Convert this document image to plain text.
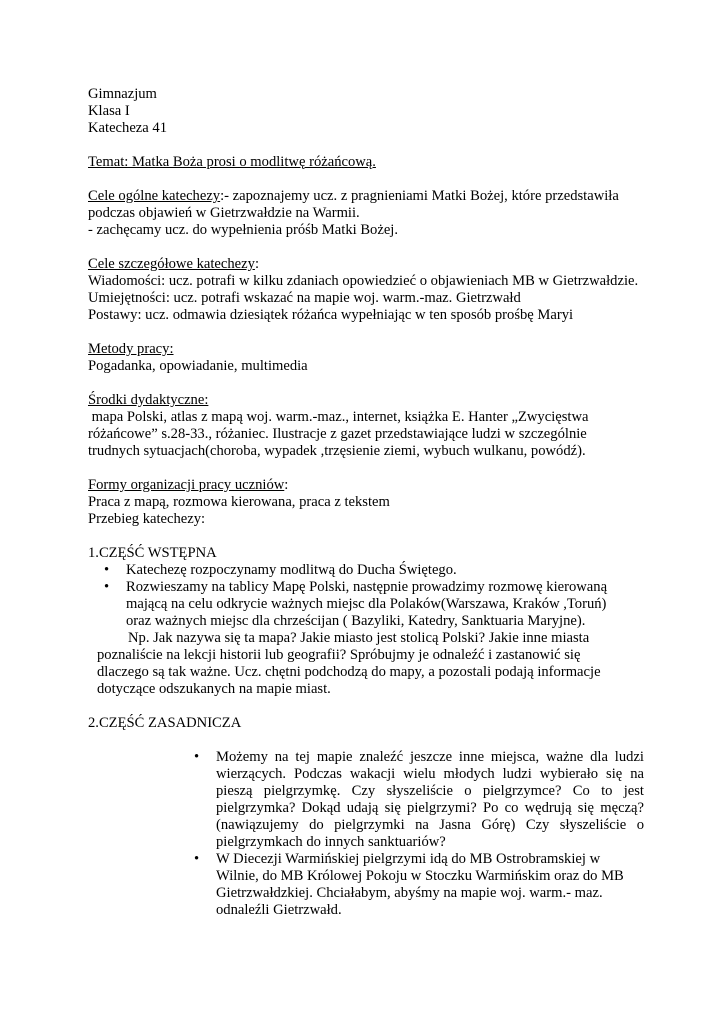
Gimnazjum
Klasa I
Katecheza 41
Temat: Matka Boża prosi o modlitwę różańcową.
Cele ogólne katechezy:- zapoznajemy ucz. z pragnieniami Matki Bożej, które przedstawiła
podczas objawień w Gietrzwałdzie na Warmii.
- zachęcamy ucz. do wypełnienia próśb Matki Bożej.
Cele szczegółowe katechezy:
Wiadomości: ucz. potrafi w kilku zdaniach opowiedzieć o objawieniach MB w Gietrzwałdzie.
Umiejętności: ucz. potrafi wskazać na mapie woj. warm.-maz. Gietrzwałd
Postawy: ucz. odmawia dziesiątek różańca wypełniając w ten sposób prośbę Maryi
Metody pracy:
Pogadanka, opowiadanie, multimedia
Środki dydaktyczne:
mapa Polski, atlas z mapą woj. warm.-maz., internet, książka E. Hanter „Zwycięstwa
różańcowe” s.28-33., różaniec. Ilustracje z gazet przedstawiające ludzi w szczególnie
trudnych sytuacjach(choroba, wypadek ,trzęsienie ziemi, wybuch wulkanu, powódź).
Formy organizacji pracy uczniów:
Praca z mapą, rozmowa kierowana, praca z tekstem
Przebieg katechezy:
1.CZĘŚĆ WSTĘPNA
• Katechezę rozpoczynamy modlitwą do Ducha Świętego.
• Rozwieszamy na tablicy Mapę Polski, następnie prowadzimy rozmowę kierowaną
mającą na celu odkrycie ważnych miejsc dla Polaków(Warszawa, Kraków ,Toruń)
oraz ważnych miejsc dla chrześcijan ( Bazyliki, Katedry, Sanktuaria Maryjne).
Np. Jak nazywa się ta mapa? Jakie miasto jest stolicą Polski? Jakie inne miasta
poznaliście na lekcji historii lub geografii? Spróbujmy je odnaleźć i zastanowić się
dlaczego są tak ważne. Ucz. chętni podchodzą do mapy, a pozostali podają informacje
dotyczące odszukanych na mapie miast.
2.CZĘŚĆ ZASADNICZA
• Możemy na tej mapie znaleźć jeszcze inne miejsca, ważne dla ludzi
wierzących. Podczas wakacji wielu młodych ludzi wybierało się na
pieszą pielgrzymkę. Czy słyszeliście o pielgrzymce? Co to jest
pielgrzymka? Dokąd udają się pielgrzymi? Po co wędrują się męczą?
(nawiązujemy do pielgrzymki na Jasna Górę) Czy słyszeliście o
pielgrzymkach do innych sanktuariów?
• W Diecezji Warmińskiej pielgrzymi idą do MB Ostrobramskiej w
Wilnie, do MB Królowej Pokoju w Stoczku Warmińskim oraz do MB
Gietrzwałdzkiej. Chciałabym, abyśmy na mapie woj. warm.- maz.
odnaleźli Gietrzwałd.
